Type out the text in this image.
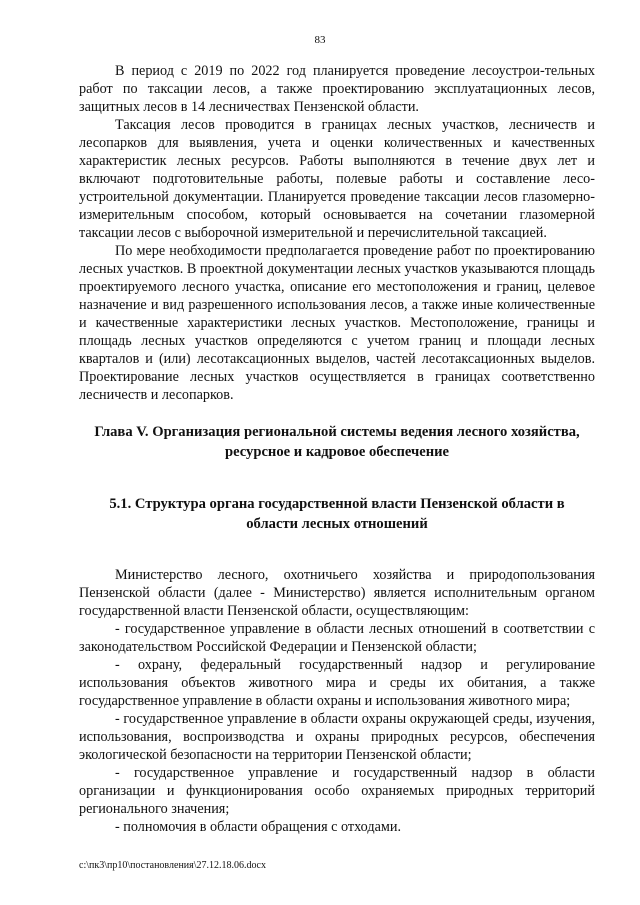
83

В период с 2019 по 2022 год планируется проведение лесоустрои-тельных работ по таксации лесов, а также проектированию эксплуатационных лесов, защитных лесов в 14 лесничествах Пензенской области.

Таксация лесов проводится в границах лесных участков, лесничеств и лесопарков для выявления, учета и оценки количественных и качественных характеристик лесных ресурсов. Работы выполняются в течение двух лет и включают подготовительные работы, полевые работы и составление лесо-устроительной документации. Планируется проведение таксации лесов глазомерно-измерительным способом, который основывается на сочетании глазомерной таксации лесов с выборочной измерительной и перечислительной таксацией.

По мере необходимости предполагается проведение работ по проектированию лесных участков. В проектной документации лесных участков указываются площадь проектируемого лесного участка, описание его местоположения и границ, целевое назначение и вид разрешенного использования лесов, а также иные количественные и качественные характеристики лесных участков. Местоположение, границы и площадь лесных участков определяются с учетом границ и площади лесных кварталов и (или) лесотаксационных выделов, частей лесотаксационных выделов. Проектирование лесных участков осуществляется в границах соответственно лесничеств и лесопарков.

Глава V. Организация региональной системы ведения лесного хозяйства,
ресурсное и кадровое обеспечение

5.1. Структура органа государственной власти Пензенской области в
области лесных отношений

Министерство лесного, охотничьего хозяйства и природопользования Пензенской области (далее - Министерство) является исполнительным органом государственной власти Пензенской области, осуществляющим:

- государственное управление в области лесных отношений в соответствии с законодательством Российской Федерации и Пензенской области;

- охрану, федеральный государственный надзор и регулирование использования объектов животного мира и среды их обитания, а также государственное управление в области охраны и использования животного мира;

- государственное управление в области охраны окружающей среды, изучения, использования, воспроизводства и охраны природных ресурсов, обеспечения экологической безопасности на территории Пензенской области;

- государственное управление и государственный надзор в области организации и функционирования особо охраняемых природных территорий регионального значения;

- полномочия в области обращения с отходами.

c:\пк3\пр10\постановления\27.12.18.06.docx
